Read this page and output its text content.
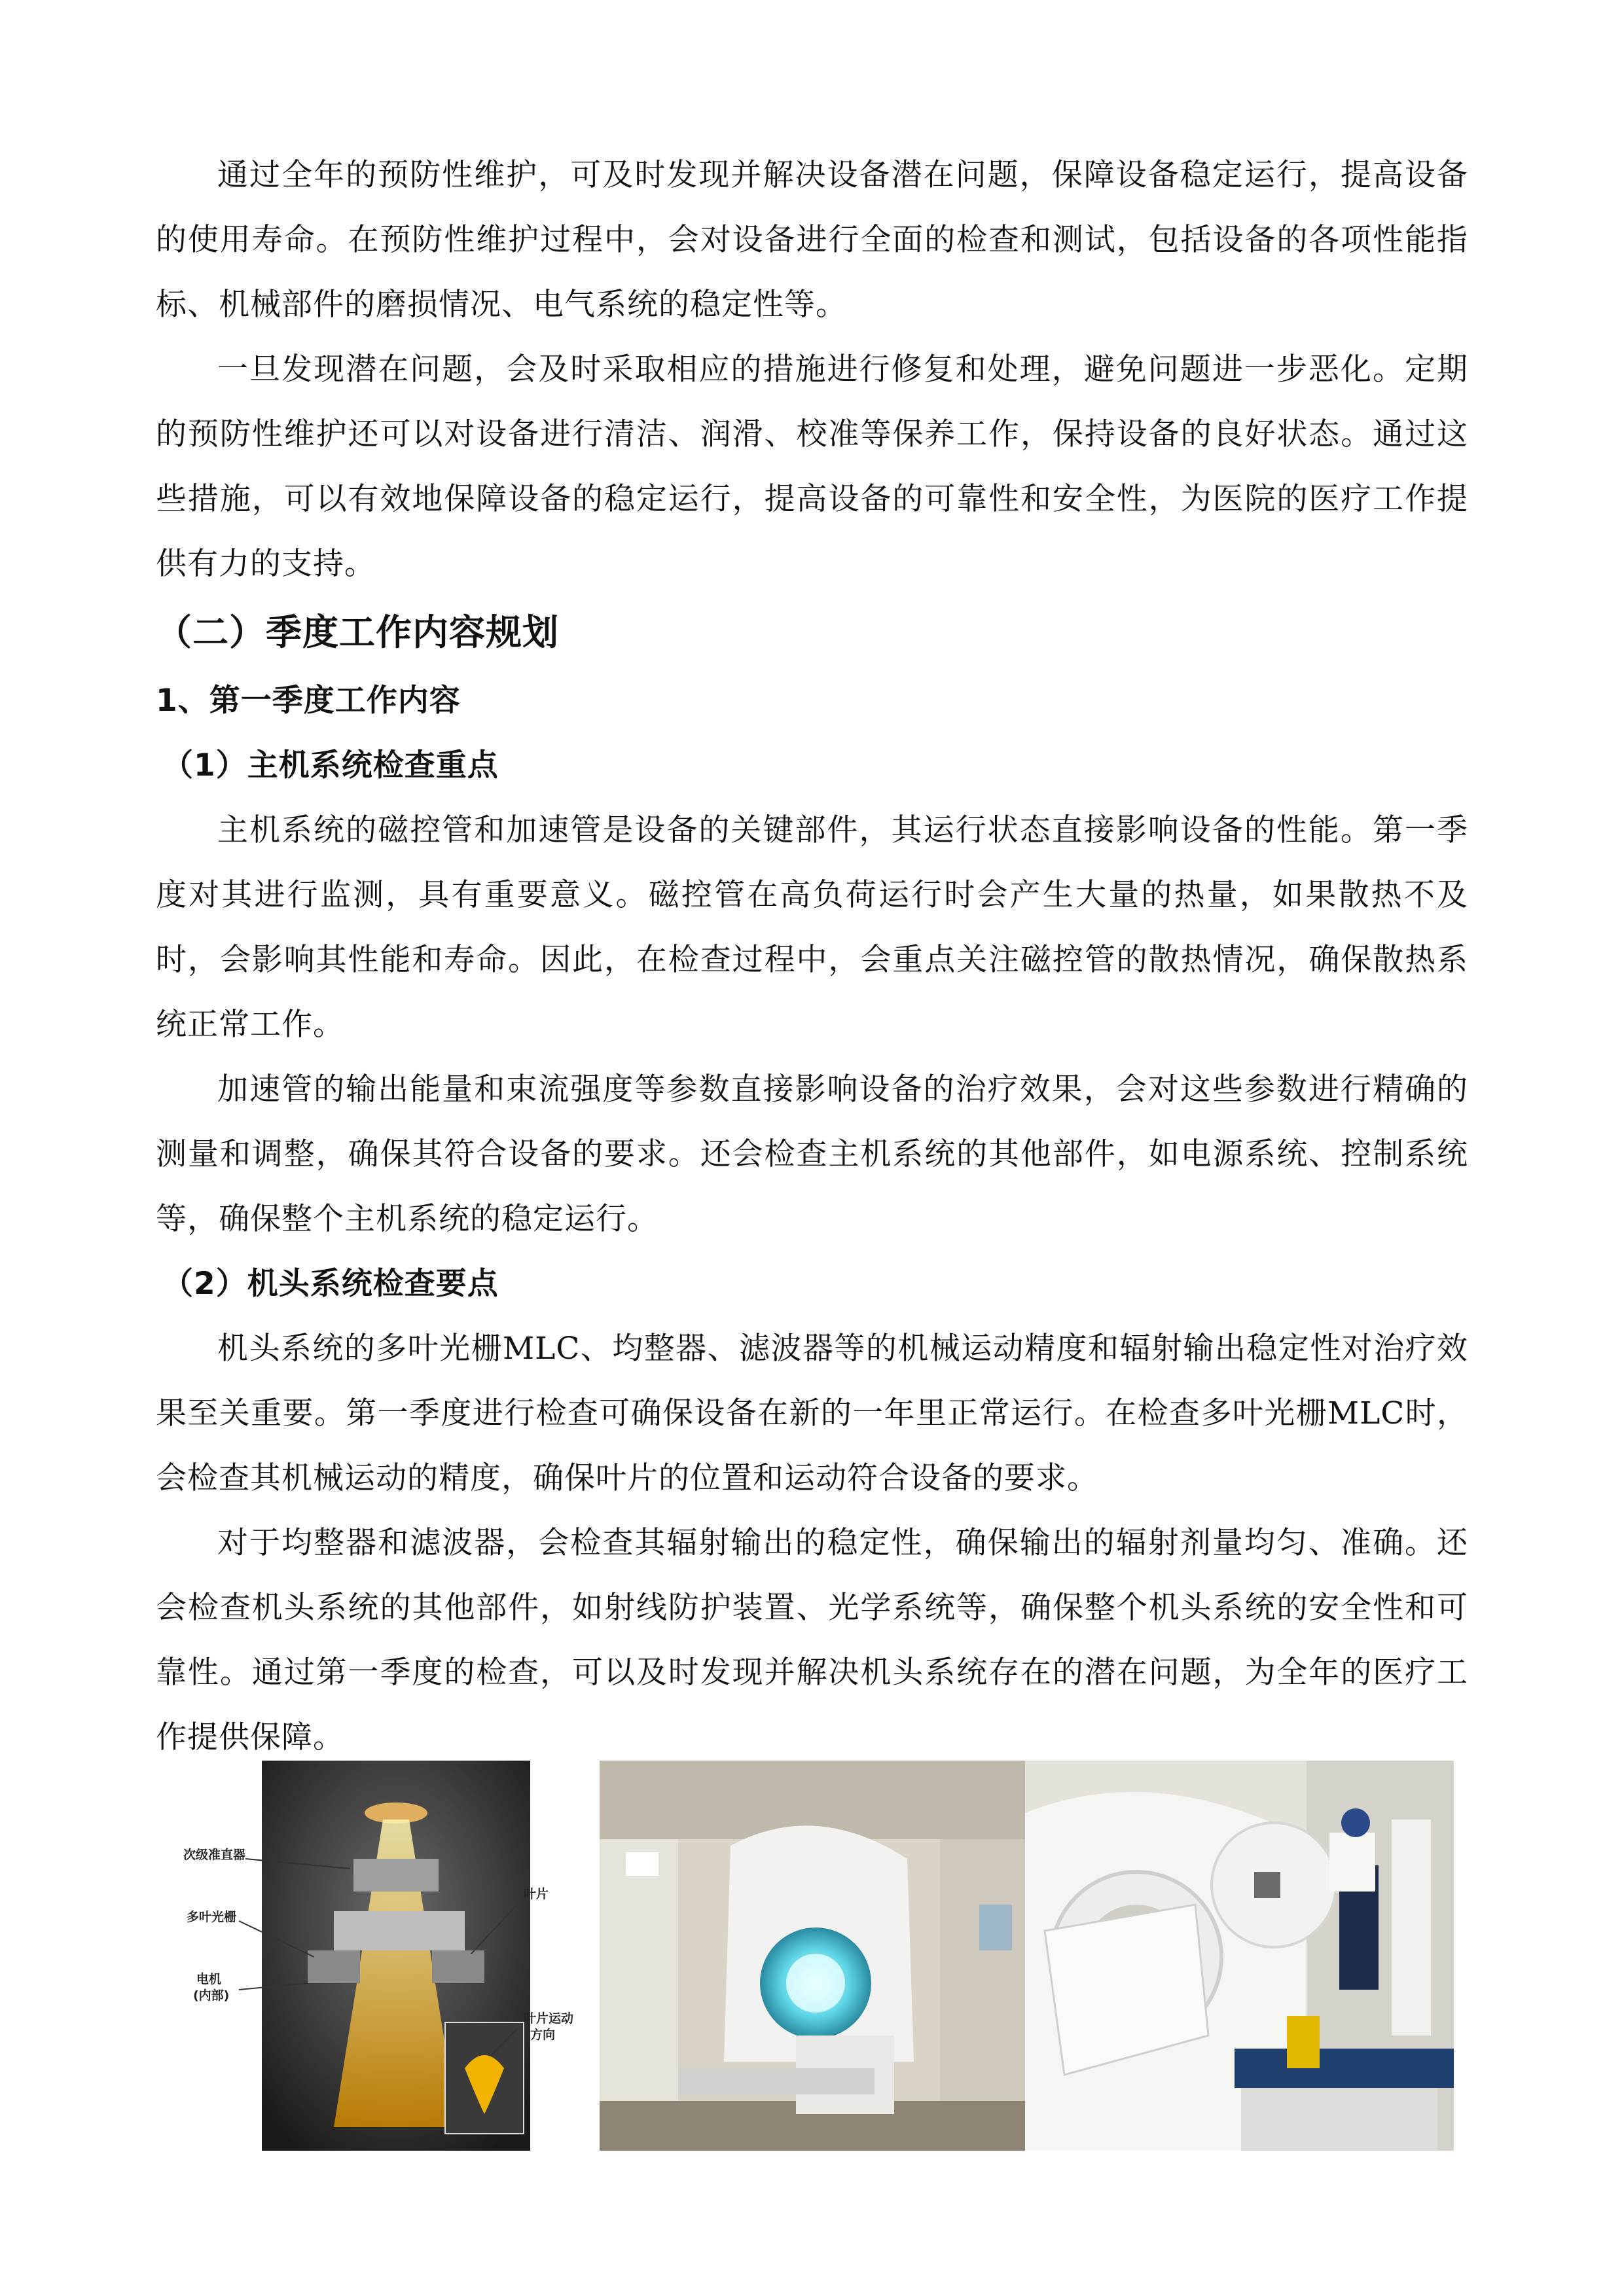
通过全年的预防性维护，可及时发现并解决设备潜在问题，保障设备稳定运行，提高设备的使用寿命。在预防性维护过程中，会对设备进行全面的检查和测试，包括设备的各项性能指标、机械部件的磨损情况、电气系统的稳定性等。

一旦发现潜在问题，会及时采取相应的措施进行修复和处理，避免问题进一步恶化。定期的预防性维护还可以对设备进行清洁、润滑、校准等保养工作，保持设备的良好状态。通过这些措施，可以有效地保障设备的稳定运行，提高设备的可靠性和安全性，为医院的医疗工作提供有力的支持。

（二）季度工作内容规划
1、第一季度工作内容
（1）主机系统检查重点

主机系统的磁控管和加速管是设备的关键部件，其运行状态直接影响设备的性能。第一季度对其进行监测，具有重要意义。磁控管在高负荷运行时会产生大量的热量，如果散热不及时，会影响其性能和寿命。因此，在检查过程中，会重点关注磁控管的散热情况，确保散热系统正常工作。

加速管的输出能量和束流强度等参数直接影响设备的治疗效果，会对这些参数进行精确的测量和调整，确保其符合设备的要求。还会检查主机系统的其他部件，如电源系统、控制系统等，确保整个主机系统的稳定运行。

（2）机头系统检查要点

机头系统的多叶光栅MLC、均整器、滤波器等的机械运动精度和辐射输出稳定性对治疗效果至关重要。第一季度进行检查可确保设备在新的一年里正常运行。在检查多叶光栅MLC时，会检查其机械运动的精度，确保叶片的位置和运动符合设备的要求。

对于均整器和滤波器，会检查其辐射输出的稳定性，确保输出的辐射剂量均匀、准确。还会检查机头系统的其他部件，如射线防护装置、光学系统等，确保整个机头系统的安全性和可靠性。通过第一季度的检查，可以及时发现并解决机头系统存在的潜在问题，为全年的医疗工作提供保障。

次级准直器
多叶光栅
电机
(内部)
叶片
叶片运动
方向
